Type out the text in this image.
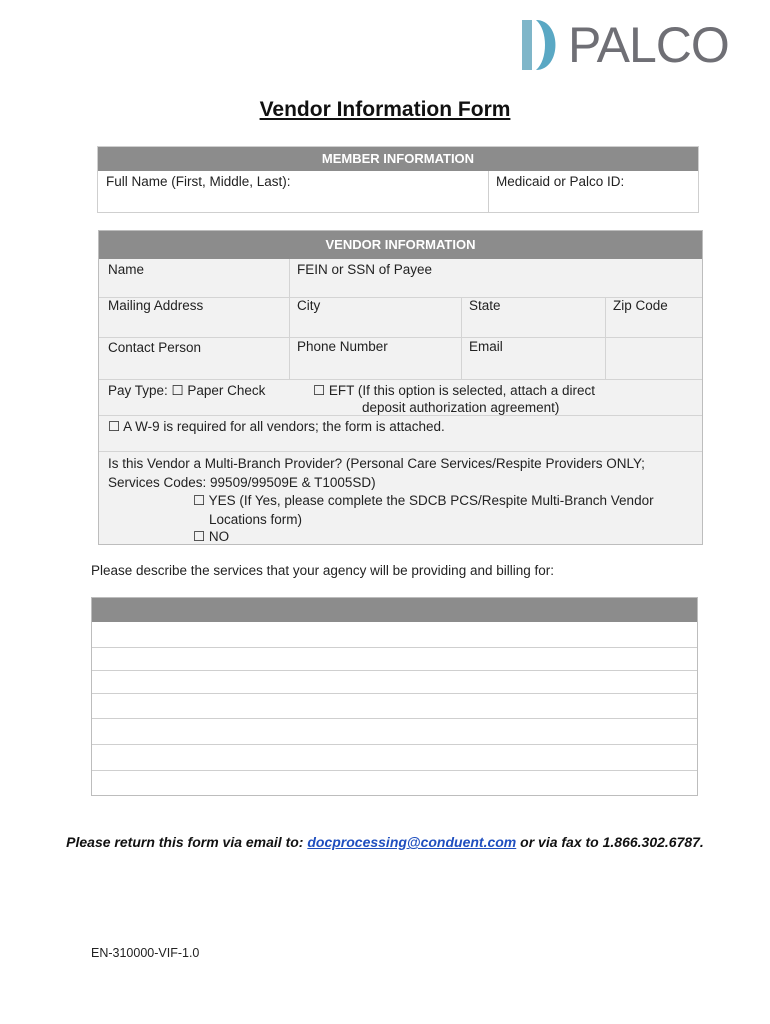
PALCO
Vendor Information Form
MEMBER INFORMATION
Full Name (First, Middle, Last):	Medicaid or Palco ID:
VENDOR INFORMATION
Name	FEIN or SSN of Payee
Mailing Address	City	State	Zip Code
Contact Person	Phone Number	Email
Pay Type: ☐ Paper Check	☐ EFT (If this option is selected, attach a direct
deposit authorization agreement)
☐ A W-9 is required for all vendors; the form is attached.
Is this Vendor a Multi-Branch Provider? (Personal Care Services/Respite Providers ONLY;
Services Codes: 99509/99509E & T1005SD)
☐ YES (If Yes, please complete the SDCB PCS/Respite Multi-Branch Vendor
Locations form)
☐ NO
Please describe the services that your agency will be providing and billing for:
Please return this form via email to: docprocessing@conduent.com or via fax to 1.866.302.6787.
EN-310000-VIF-1.0
